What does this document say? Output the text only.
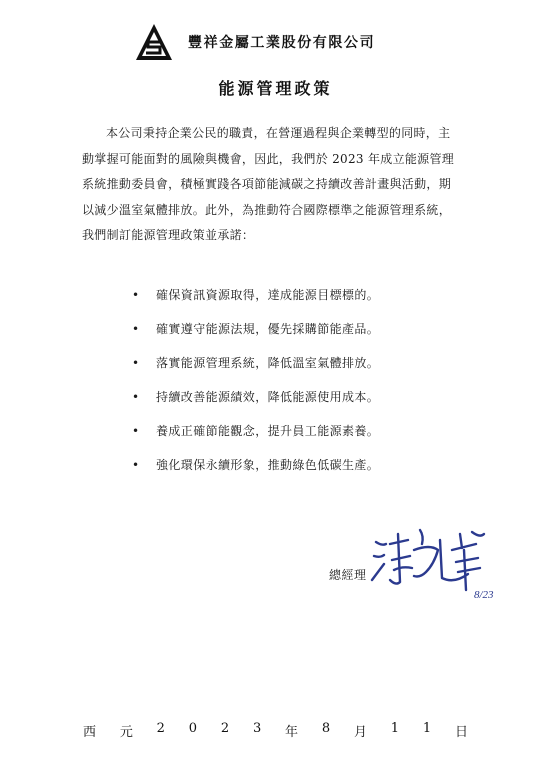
豐祥金屬工業股份有限公司
能源管理政策
本公司秉持企業公民的職責，在營運過程與企業轉型的同時，主
動掌握可能面對的風險與機會，因此，我們於 2023 年成立能源管理
系統推動委員會，積極實踐各項節能減碳之持續改善計畫與活動，期
以減少溫室氣體排放。此外，為推動符合國際標準之能源管理系統，
我們制訂能源管理政策並承諾：
•	確保資訊資源取得，達成能源目標標的。
•	確實遵守能源法規，優先採購節能產品。
•	落實能源管理系統，降低溫室氣體排放。
•	持續改善能源績效，降低能源使用成本。
•	養成正確節能觀念，提升員工能源素養。
•	強化環保永續形象，推動綠色低碳生產。
總經理
8/23
西 元 2 0 2 3 年 8 月 1 1 日
